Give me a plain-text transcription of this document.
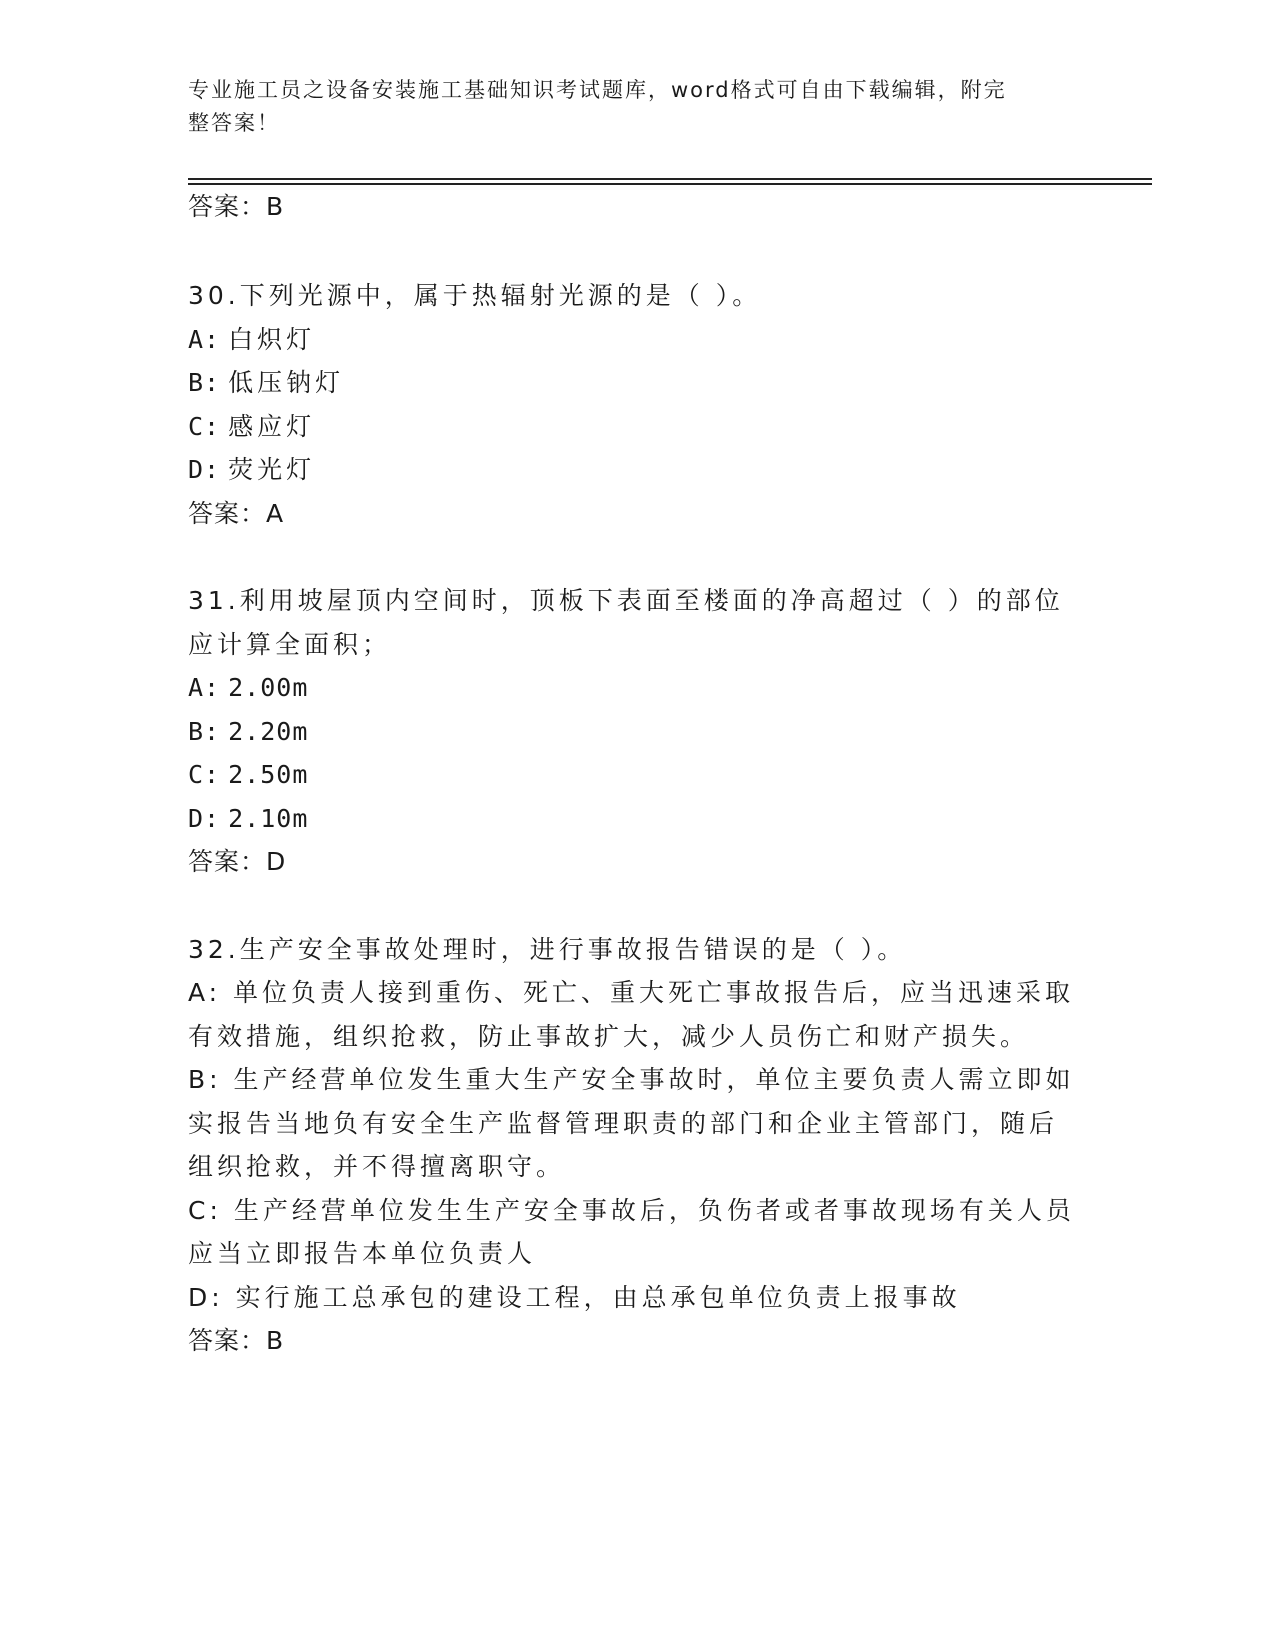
专业施工员之设备安装施工基础知识考试题库，word格式可自由下载编辑，附完
整答案！
答案：B
30.下列光源中，属于热辐射光源的是（ ）。
A: 白炽灯
B: 低压钠灯
C: 感应灯
D: 荧光灯
答案：A
31.利用坡屋顶内空间时，顶板下表面至楼面的净高超过（ ）的部位
应计算全面积；
A: 2.00m
B: 2.20m
C: 2.50m
D: 2.10m
答案：D
32.生产安全事故处理时，进行事故报告错误的是（ ）。
A: 单位负责人接到重伤、死亡、重大死亡事故报告后，应当迅速采取
有效措施，组织抢救，防止事故扩大，减少人员伤亡和财产损失。
B: 生产经营单位发生重大生产安全事故时，单位主要负责人需立即如
实报告当地负有安全生产监督管理职责的部门和企业主管部门，随后
组织抢救，并不得擅离职守。
C: 生产经营单位发生生产安全事故后，负伤者或者事故现场有关人员
应当立即报告本单位负责人
D: 实行施工总承包的建设工程，由总承包单位负责上报事故
答案：B
